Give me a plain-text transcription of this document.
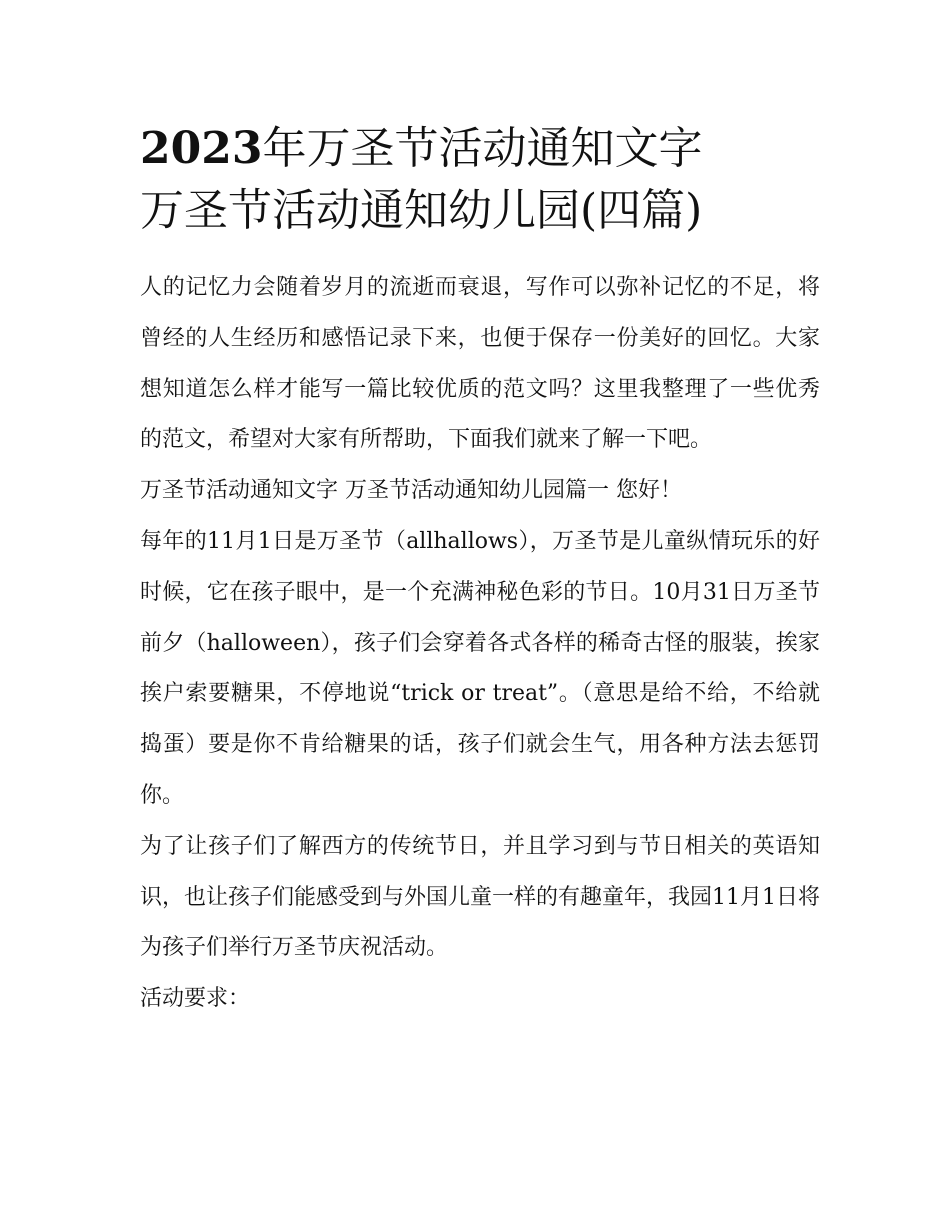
2023年万圣节活动通知文字
万圣节活动通知幼儿园(四篇)

人的记忆力会随着岁月的流逝而衰退，写作可以弥补记忆的不足，将曾经的人生经历和感悟记录下来，也便于保存一份美好的回忆。大家想知道怎么样才能写一篇比较优质的范文吗？这里我整理了一些优秀的范文，希望对大家有所帮助，下面我们就来了解一下吧。

万圣节活动通知文字 万圣节活动通知幼儿园篇一 您好！

每年的11月1日是万圣节（allhallows），万圣节是儿童纵情玩乐的好时候，它在孩子眼中，是一个充满神秘色彩的节日。10月31日万圣节前夕（halloween），孩子们会穿着各式各样的稀奇古怪的服装，挨家挨户索要糖果，不停地说“trick or treat”。（意思是给不给，不给就捣蛋）要是你不肯给糖果的话，孩子们就会生气，用各种方法去惩罚你。

为了让孩子们了解西方的传统节日，并且学习到与节日相关的英语知识，也让孩子们能感受到与外国儿童一样的有趣童年，我园11月1日将为孩子们举行万圣节庆祝活动。

活动要求：
